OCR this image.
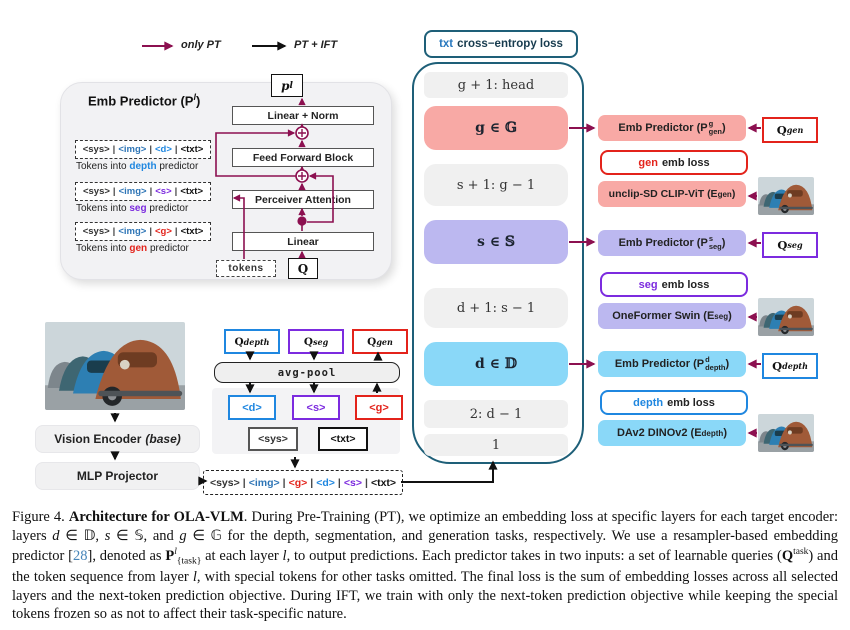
only PT	PT + IFT
Emb Predictor $(P^l)$
p l
Linear + Norm
Feed Forward Block
Perceiver Attention
Linear
Q
tokens
<sys> | <img> | <d> | <txt>
Tokens into depth predictor
<sys> | <img> | <s> | <txt>
Tokens into seg predictor
<sys> | <img> | <g> | <txt>
Tokens into gen predictor
txt cross−entropy loss
g + 1: head
g ∈ 𝔾
s + 1: g − 1
s ∈ 𝕊
d + 1: s − 1
d ∈ 𝔻
2: d − 1
1
Emb Predictor (P g
gen )	Q gen
gen emb loss
unclip-SD CLIP-ViT (E gen )
Emb Predictor (P s
seg )	Q seg
seg emb loss
OneFormer Swin (E seg )
Emb Predictor (P d
depth )	Q depth
depth emb loss
DAv2 DINOv2 (E depth )
Vision Encoder (base)
MLP Projector
Q depth	Q seg	Q gen
avg-pool
<d>	<s>	<g>
<sys>	<txt>
<sys> | <img> | <g> | <d> | <s> | <txt>
Figure 4. Architecture for OLA-VLM. During Pre-Training (PT), we optimize an embedding loss at specific layers for each target encoder: layers d ∈ 𝔻, s ∈ 𝕊, and g ∈ 𝔾 for the depth, segmentation, and generation tasks, respectively. We use a resampler-based embedding predictor [28], denoted as $P^l_{\{task\}}$ at each layer l, to output predictions. Each predictor takes in two inputs: a set of learnable queries $(Q^{task})$ and the token sequence from layer l, with special tokens for other tasks omitted. The final loss is the sum of embedding losses across all selected layers and the next-token prediction objective. During IFT, we train with only the next-token prediction objective while keeping the special tokens frozen so as not to affect their task-specific nature.
